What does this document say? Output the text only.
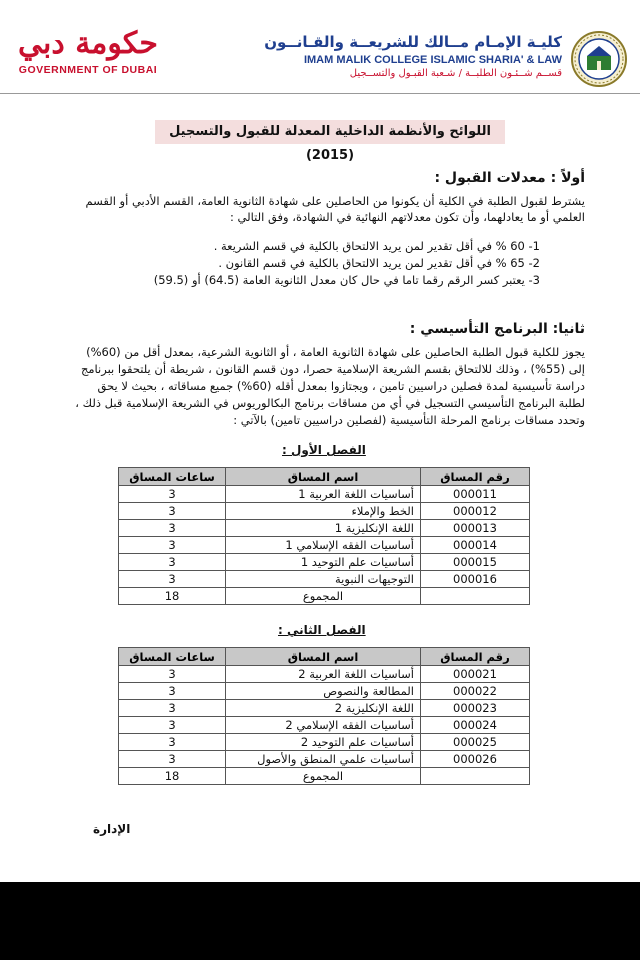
حكومة دبي
GOVERNMENT OF DUBAI
كليـة الإمـام مــالك للشريعــة والقـانــون
IMAM MALIK COLLEGE ISLAMIC SHARIA' & LAW
قســم شــئـون الطلبــة / شـعبة القبـول والتســجيل
اللوائح والأنظمة الداخلية المعدلة للقبول والتسجيل (2015)
أولاً : معدلات القبول :
يشترط لقبول الطلبة في الكلية أن يكونوا من الحاصلين على شهادة الثانوية العامة، القسم الأدبي أو القسم
العلمي أو ما يعادلهما، وأن تكون معدلاتهم النهائية في الشهادة، وفق التالي :
1- 60 % في أقل تقدير لمن يريد الالتحاق بالكلية في قسم الشريعة .
2- 65 % في أقل تقدير لمن يريد الالتحاق بالكلية في قسم القانون .
3- يعتبر كسر الرقم رقما تاما في حال كان معدل الثانوية العامة (64.5) أو (59.5)
ثانيا: البرنامج التأسيسي :
يجوز للكلية قبول الطلبة الحاصلين على شهادة الثانوية العامة ، أو الثانوية الشرعية، بمعدل أقل من (60%)
إلى (55%) ، وذلك للالتحاق بقسم الشريعة الإسلامية حصرا، دون قسم القانون ، شريطة أن يلتحقوا ببرنامج
دراسة تأسيسية لمدة فصلين دراسيين تامين ، ويجتازوا بمعدل أقله (60%) جميع مساقاته ، بحيث لا يحق
لطلبة البرنامج التأسيسي التسجيل في أي من مساقات برنامج البكالوريوس في الشريعة الإسلامية قبل ذلك ،
وتحدد مساقات برنامج المرحلة التأسيسية (لفصلين دراسيين تامين) بالآتي :
الفصل الأول :
رقم المساق	اسم المساق	ساعات المساق
000011	أساسيات اللغة العربية 1	3
000012	الخط والإملاء	3
000013	اللغة الإنكليزية 1	3
000014	أساسيات الفقه الإسلامي 1	3
000015	أساسيات علم التوحيد 1	3
000016	التوجيهات النبوية	3
	المجموع	18
الفصل الثاني :
رقم المساق	اسم المساق	ساعات المساق
000021	أساسيات اللغة العربية 2	3
000022	المطالعة والنصوص	3
000023	اللغة الإنكليزية 2	3
000024	أساسيات الفقه الإسلامي 2	3
000025	أساسيات علم التوحيد 2	3
000026	أساسيات علمي المنطق والأصول	3
	المجموع	18
الإدارة
